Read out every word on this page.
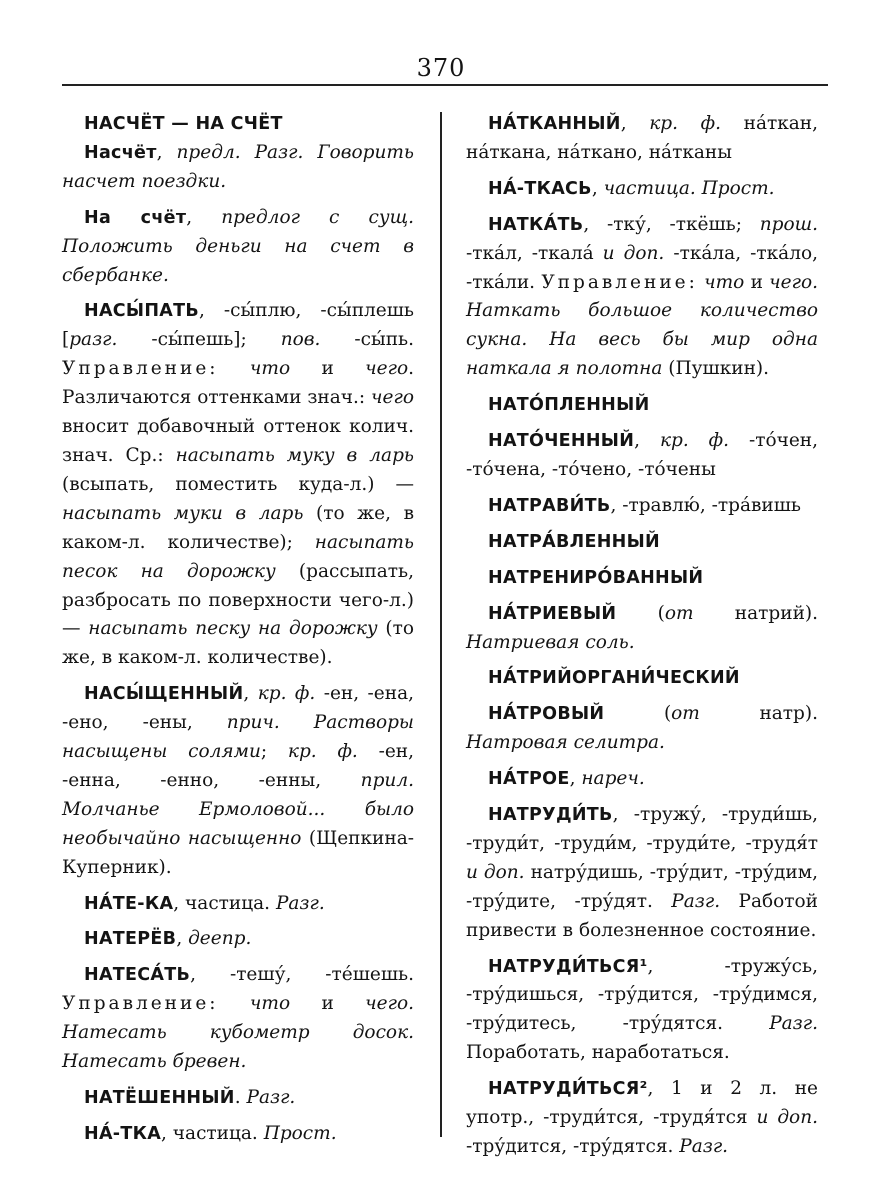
370

НАСЧЁТ — НА СЧЁТ

Насчёт, предл. Разг. Говорить насчет поездки.

На счёт, предлог с сущ. Положить деньги на счет в сбербанке.

НАСЫ́ПАТЬ, -сы́плю, -сы́плешь [разг. -сы́пешь]; пов. -сы́пь. Управление: что и чего. Различаются оттенками знач.: чего вносит добавочный оттенок колич. знач. Ср.: насыпать муку в ларь (всыпать, поместить куда-л.) — насыпать муки в ларь (то же, в каком-л. количестве); насыпать песок на дорожку (рассыпать, разбросать по поверхности чего-л.) — насыпать песку на дорожку (то же, в каком-л. количестве).

НАСЫ́ЩЕННЫЙ, кр. ф. -ен, -ена, -ено, -ены, прич. Растворы насыщены солями; кр. ф. -ен, -енна, -енно, -енны, прил. Молчанье Ермоловой... было необычайно насыщенно (Щепкина-Куперник).

НА́ТЕ-КА, частица. Разг.

НАТЕРЁВ, деепр.

НАТЕСА́ТЬ, -тешу́, -те́шешь. Управление: что и чего. Натесать кубометр досок. Натесать бревен.

НАТЁШЕННЫЙ. Разг.

НА́-ТКА, частица. Прост.

НА́ТКАННЫЙ, кр. ф. на́ткан, на́ткана, на́ткано, на́тканы

НА́-ТКАСЬ, частица. Прост.

НАТКА́ТЬ, -тку́, -ткёшь; прош. -тка́л, -ткала́ и доп. -тка́ла, -тка́ло, -тка́ли. Управление: что и чего. Наткать большое количество сукна. На весь бы мир одна наткала я полотна (Пушкин).

НАТО́ПЛЕННЫЙ

НАТО́ЧЕННЫЙ, кр. ф. -то́чен, -то́чена, -то́чено, -то́чены

НАТРАВИ́ТЬ, -травлю́, -тра́вишь

НАТРА́ВЛЕННЫЙ

НАТРЕНИРО́ВАННЫЙ

НА́ТРИЕВЫЙ (от натрий). Натриевая соль.

НА́ТРИЙОРГАНИ́ЧЕСКИЙ

НА́ТРОВЫЙ (от натр). Натровая селитра.

НА́ТРОЕ, нареч.

НАТРУДИ́ТЬ, -тружу́, -труди́шь, -труди́т, -труди́м, -труди́те, -трудя́т и доп. натру́дишь, -тру́дит, -тру́дим, -тру́дите, -тру́дят. Разг. Работой привести в болезненное состояние.

НАТРУДИ́ТЬСЯ¹, -тружу́сь, -тру́дишься, -тру́дится, -тру́димся, -тру́дитесь, -тру́дятся. Разг. Поработать, наработаться.

НАТРУДИ́ТЬСЯ², 1 и 2 л. не употр., -труди́тся, -трудя́тся и доп. -тру́дится, -тру́дятся. Разг.
